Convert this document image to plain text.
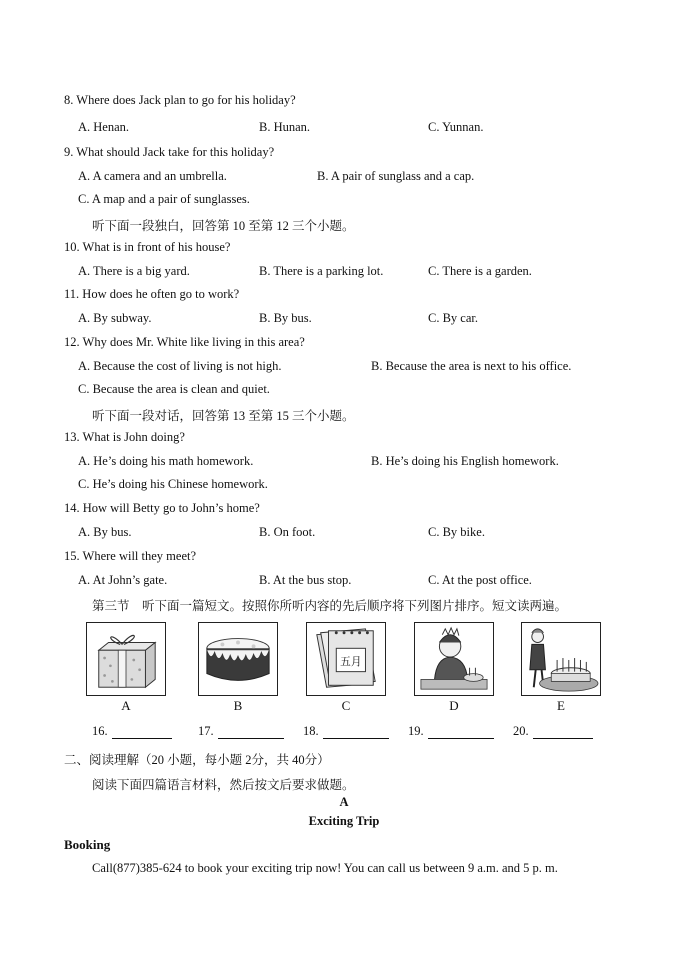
8. Where does Jack plan to go for his holiday?
A. Henan.	B. Hunan.	C. Yunnan.
9. What should Jack take for this holiday?
A. A camera and an umbrella.	B. A pair of sunglass and a cap.
C. A map and a pair of sunglasses.
听下面一段独白，回答第 10 至第 12 三个小题。
10. What is in front of his house?
A. There is a big yard.	B. There is a parking lot.	C. There is a garden.
11. How does he often go to work?
A. By subway.	B. By bus.	C. By car.
12. Why does Mr. White like living in this area?
A. Because the cost of living is not high.	B. Because the area is next to his office.
C. Because the area is clean and quiet.
听下面一段对话，回答第 13 至第 15 三个小题。
13. What is John doing?
A. He’s doing his math homework.	B. He’s doing his English homework.
C. He’s doing his Chinese homework.
14. How will Betty go to John’s home?
A. By bus.	B. On foot.	C. By bike.
15. Where will they meet?
A. At John’s gate.	B. At the bus stop.	C. At the post office.
第三节　听下面一篇短文。按照你所听内容的先后顺序将下列图片排序。短文读两遍。
A	B
五月
C	D	E
16.	17.	18.	19.	20.
二、阅读理解（20 小题，每小题 2分，共 40分）
阅读下面四篇语言材料，然后按文后要求做题。
A
Exciting Trip
Booking
Call(877)385-624 to book your exciting trip now! You can call us between 9 a.m. and 5 p. m.
